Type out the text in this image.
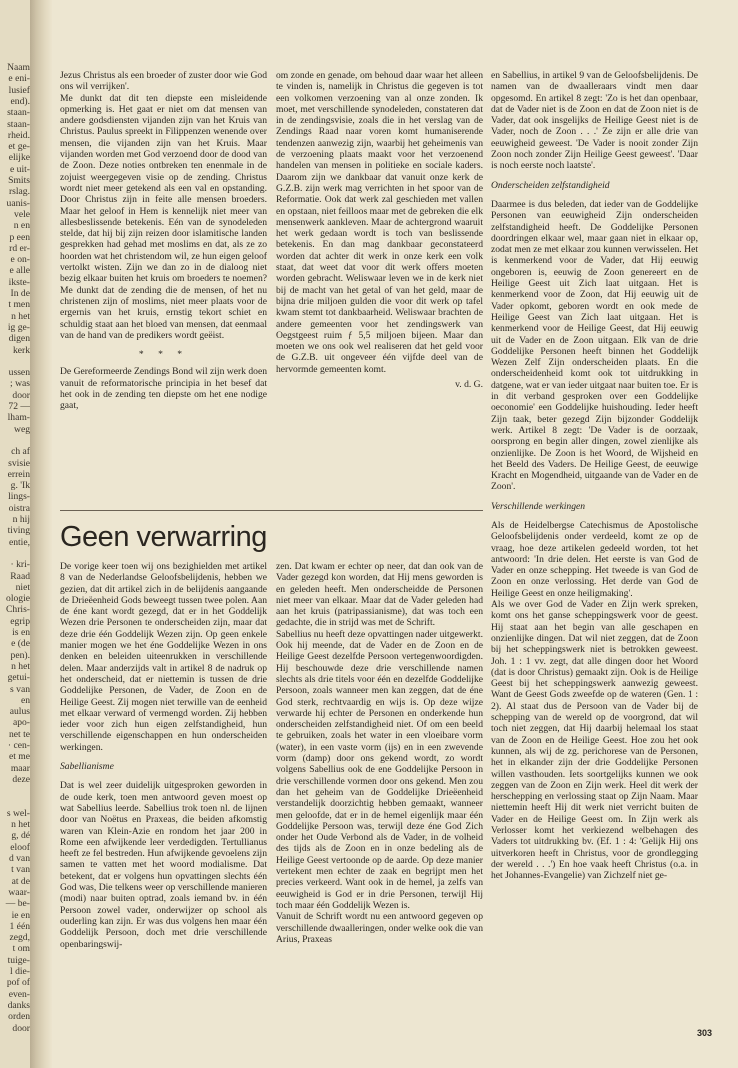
Naam
e eni-
lusief
end).
staan-
staan-
rheid.
et ge-
elijke
e uit-
Smits
rslag.
uanis-
vele
n en
p een
rd er-
e on-
e alle
ikste-
In de
t men
n het
ig ge-
digen
kerk
ussen
; was
door
72 —
lham-
weg
ch af
svisie
errein
g. 'Ik
lings-
oistra
n hij
tiving
entie,
· kri-
Raad
niet
ologie
Chris-
egrip
is en
e (de
pen).
n het
getui-
s van
en
aulus
apo-
net te
· cen-
et me
maar
deze
s wel-
n het
g, dé
eloof
d van
t van
at de
waar-
— be-
ie en
1 één
zegd,
t om
tuige-
l die-
pof of
even-
danks
orden
door

Jezus Christus als een broeder of zuster door wie God ons wil verrijken'.

Me dunkt dat dit ten diepste een misleidende opmerking is. Het gaat er niet om dat mensen van andere godsdiensten vijanden zijn van het Kruis van Christus. Paulus spreekt in Filippenzen wenende over mensen, die vijanden zijn van het Kruis. Maar vijanden worden met God verzoend door de dood van de Zoon. Deze noties ontbreken ten enenmale in de zojuist weergegeven visie op de zending. Christus wordt niet meer getekend als een val en opstanding. Door Christus zijn in feite alle mensen broeders. Maar het geloof in Hem is kennelijk niet meer van allesbeslissende betekenis. Eén van de synodeleden stelde, dat hij bij zijn reizen door islamitische landen gesprekken had gehad met moslims en dat, als ze zo hoorden wat het christendom wil, ze hun eigen geloof vertolkt wisten. Zijn we dan zo in de dialoog niet bezig elkaar buiten het kruis om broeders te noemen? Me dunkt dat de zending die de mensen, of het nu christenen zijn of moslims, niet meer plaats voor de ergernis van het kruis, ernstig tekort schiet en schuldig staat aan het bloed van mensen, dat eenmaal van de hand van de predikers wordt geëist.

* * *

De Gereformeerde Zendings Bond wil zijn werk doen vanuit de reformatorische principia in het besef dat het ook in de zending ten diepste om het ene nodige gaat,

om zonde en genade, om behoud daar waar het alleen te vinden is, namelijk in Christus die gegeven is tot een volkomen verzoening van al onze zonden. Ik moet, met verschillende synodeleden, constateren dat in de zendingsvisie, zoals die in het verslag van de Zendings Raad naar voren komt humaniserende tendenzen aanwezig zijn, waarbij het geheimenis van de verzoening plaats maakt voor het verzoenend handelen van mensen in politieke en sociale kaders. Daarom zijn we dankbaar dat vanuit onze kerk de G.Z.B. zijn werk mag verrichten in het spoor van de Reformatie. Ook dat werk zal geschieden met vallen en opstaan, niet feilloos maar met de gebreken die elk mensenwerk aankleven. Maar de achtergrond waaruit het werk gedaan wordt is toch van beslissende betekenis. En dan mag dankbaar geconstateerd worden dat achter dit werk in onze kerk een volk staat, dat weet dat voor dit werk offers moeten worden gebracht. Weliswaar leven we in de kerk niet bij de macht van het getal of van het geld, maar de bijna drie miljoen gulden die voor dit werk op tafel kwam stemt tot dankbaarheid. Weliswaar brachten de andere gemeenten voor het zendingswerk van Oegstgeest ruim ƒ 5,5 miljoen bijeen. Maar dan moeten we ons ook wel realiseren dat het geld voor de G.Z.B. uit ongeveer één vijfde deel van de hervormde gemeenten komt.

v. d. G.

en Sabellius, in artikel 9 van de Geloofsbelijdenis. De namen van de dwaalleraars vindt men daar opgesomd. En artikel 8 zegt: 'Zo is het dan openbaar, dat de Vader niet is de Zoon en dat de Zoon niet is de Vader, dat ook insgelijks de Heilige Geest niet is de Vader, noch de Zoon . . .' Ze zijn er alle drie van eeuwigheid geweest. 'De Vader is nooit zonder Zijn Zoon noch zonder Zijn Heilige Geest geweest'. 'Daar is noch eerste noch laatste'.

Onderscheiden zelfstandigheid

Daarmee is dus beleden, dat ieder van de Goddelijke Personen van eeuwigheid Zijn onderscheiden zelfstandigheid heeft. De Goddelijke Personen doordringen elkaar wel, maar gaan niet in elkaar op, zodat men ze met elkaar zou kunnen verwisselen. Het is kenmerkend voor de Vader, dat Hij eeuwig ongeboren is, eeuwig de Zoon genereert en de Heilige Geest uit Zich laat uitgaan. Het is kenmerkend voor de Zoon, dat Hij eeuwig uit de Vader opkomt, geboren wordt en ook mede de Heilige Geest van Zich laat uitgaan. Het is kenmerkend voor de Heilige Geest, dat Hij eeuwig uit de Vader en de Zoon uitgaan. Elk van de drie Goddelijke Personen heeft binnen het Goddelijk Wezen Zelf Zijn onderscheiden plaats. En die onderscheidenheid komt ook tot uitdrukking in datgene, wat er van ieder uitgaat naar buiten toe. Er is in dit verband gesproken over een Goddelijke oeconomie' een Goddelijke huishouding. Ieder heeft Zijn taak, beter gezegd Zijn bijzonder Goddelijk werk. Artikel 8 zegt: 'De Vader is de oorzaak, oorsprong en begin aller dingen, zowel zienlijke als onzienlijke. De Zoon is het Woord, de Wijsheid en het Beeld des Vaders. De Heilige Geest, de eeuwige Kracht en Mogendheid, uitgaande van de Vader en de Zoon'.

Verschillende werkingen

Als de Heidelbergse Catechismus de Apostolische Geloofsbelijdenis onder verdeeld, komt ze op de vraag, hoe deze artikelen gedeeld worden, tot het antwoord: 'In drie delen. Het eerste is van God de Vader en onze schepping. Het tweede is van God de Zoon en onze verlossing. Het derde van God de Heilige Geest en onze heiligmaking'.

Als we over God de Vader en Zijn werk spreken, komt ons het ganse scheppingswerk voor de geest. Hij staat aan het begin van alle geschapen en onzienlijke dingen. Dat wil niet zeggen, dat de Zoon bij het scheppingswerk niet is betrokken geweest. Joh. 1 : 1 vv. zegt, dat alle dingen door het Woord (dat is door Christus) gemaakt zijn. Ook is de Heilige Geest bij het scheppingswerk aanwezig geweest. Want de Geest Gods zweefde op de wateren (Gen. 1 : 2). Al staat dus de Persoon van de Vader bij de schepping van de wereld op de voorgrond, dat wil toch niet zeggen, dat Hij daarbij helemaal los staat van de Zoon en de Heilige Geest. Hoe zou het ook kunnen, als wij de zg. perichorese van de Personen, het in elkander zijn der drie Goddelijke Personen willen vasthouden. Iets soortgelijks kunnen we ook zeggen van de Zoon en Zijn werk. Heel dit werk der herschepping en verlossing staat op Zijn Naam. Maar niettemin heeft Hij dit werk niet verricht buiten de Vader en de Heilige Geest om. In Zijn werk als Verlosser komt het verkiezend welbehagen des Vaders tot uitdrukking bv. (Ef. 1 : 4: 'Gelijk Hij ons uitverkoren heeft in Christus, voor de grondlegging der wereld . . .') En hoe vaak heeft Christus (o.a. in het Johannes-Evangelie) van Zichzelf niet ge-

Geen verwarring

De vorige keer toen wij ons bezighielden met artikel 8 van de Nederlandse Geloofsbelijdenis, hebben we gezien, dat dit artikel zich in de belijdenis aangaande de Drieëenheid Gods beweegt tussen twee polen. Aan de éne kant wordt gezegd, dat er in het Goddelijk Wezen drie Personen te onderscheiden zijn, maar dat deze drie één Goddelijk Wezen zijn. Op geen enkele manier mogen we het éne Goddelijke Wezen in ons denken en beleiden uiteenrukken in verschillende delen. Maar anderzijds valt in artikel 8 de nadruk op het onderscheid, dat er niettemin is tussen de drie Goddelijke Personen, de Vader, de Zoon en de Heilige Geest. Zij mogen niet terwille van de eenheid met elkaar verward of vermengd worden. Zij hebben ieder voor zich hun eigen zelfstandigheid, hun verschillende eigenschappen en hun onderscheiden werkingen.

Sabellianisme

Dat is wel zeer duidelijk uitgesproken geworden in de oude kerk, toen men antwoord geven moest op wat Sabellius leerde. Sabellius trok toen nl. de lijnen door van Noëtus en Praxeas, die beiden afkomstig waren van Klein-Azie en rondom het jaar 200 in Rome een afwijkende leer verdedigden. Tertullianus heeft ze fel bestreden. Hun afwijkende gevoelens zijn samen te vatten met het woord modialisme. Dat betekent, dat er volgens hun opvattingen slechts één God was, Die telkens weer op verschillende manieren (modi) naar buiten optrad, zoals iemand bv. in één Persoon zowel vader, onderwijzer op school als ouderling kan zijn. Er was dus volgens hen maar één Goddelijk Persoon, doch met drie verschillende openbaringswij-

zen. Dat kwam er echter op neer, dat dan ook van de Vader gezegd kon worden, dat Hij mens geworden is en geleden heeft. Men onderscheidde de Personen niet meer van elkaar. Maar dat de Vader geleden had aan het kruis (patripassianisme), dat was toch een gedachte, die in strijd was met de Schrift.

Sabellius nu heeft deze opvattingen nader uitgewerkt. Ook hij meende, dat de Vader en de Zoon en de Heilige Geest dezelfde Persoon vertegenwoordigden. Hij beschouwde deze drie verschillende namen slechts als drie titels voor één en dezelfde Goddelijke Persoon, zoals wanneer men kan zeggen, dat de éne God sterk, rechtvaardig en wijs is. Op deze wijze verwarde hij echter de Personen en onderkende hun onderscheiden zelfstandigheid niet. Of om een beeld te gebruiken, zoals het water in een vloeibare vorm (water), in een vaste vorm (ijs) en in een zwevende vorm (damp) door ons gekend wordt, zo wordt volgens Sabellius ook de ene Goddelijke Persoon in drie verschillende vormen door ons gekend. Men zou dan het geheim van de Goddelijke Drieëenheid verstandelijk doorzichtig hebben gemaakt, wanneer men geloofde, dat er in de hemel eigenlijk maar één Goddelijke Persoon was, terwijl deze éne God Zich onder het Oude Verbond als de Vader, in de volheid des tijds als de Zoon en in onze bedeling als de Heilige Geest vertoonde op de aarde. Op deze manier vertekent men echter de zaak en begrijpt men het precies verkeerd. Want ook in de hemel, ja zelfs van eeuwigheid is God er in drie Personen, terwijl Hij toch maar één Goddelijk Wezen is.

Vanuit de Schrift wordt nu een antwoord gegeven op verschillende dwaalleringen, onder welke ook die van Arius, Praxeas

303
